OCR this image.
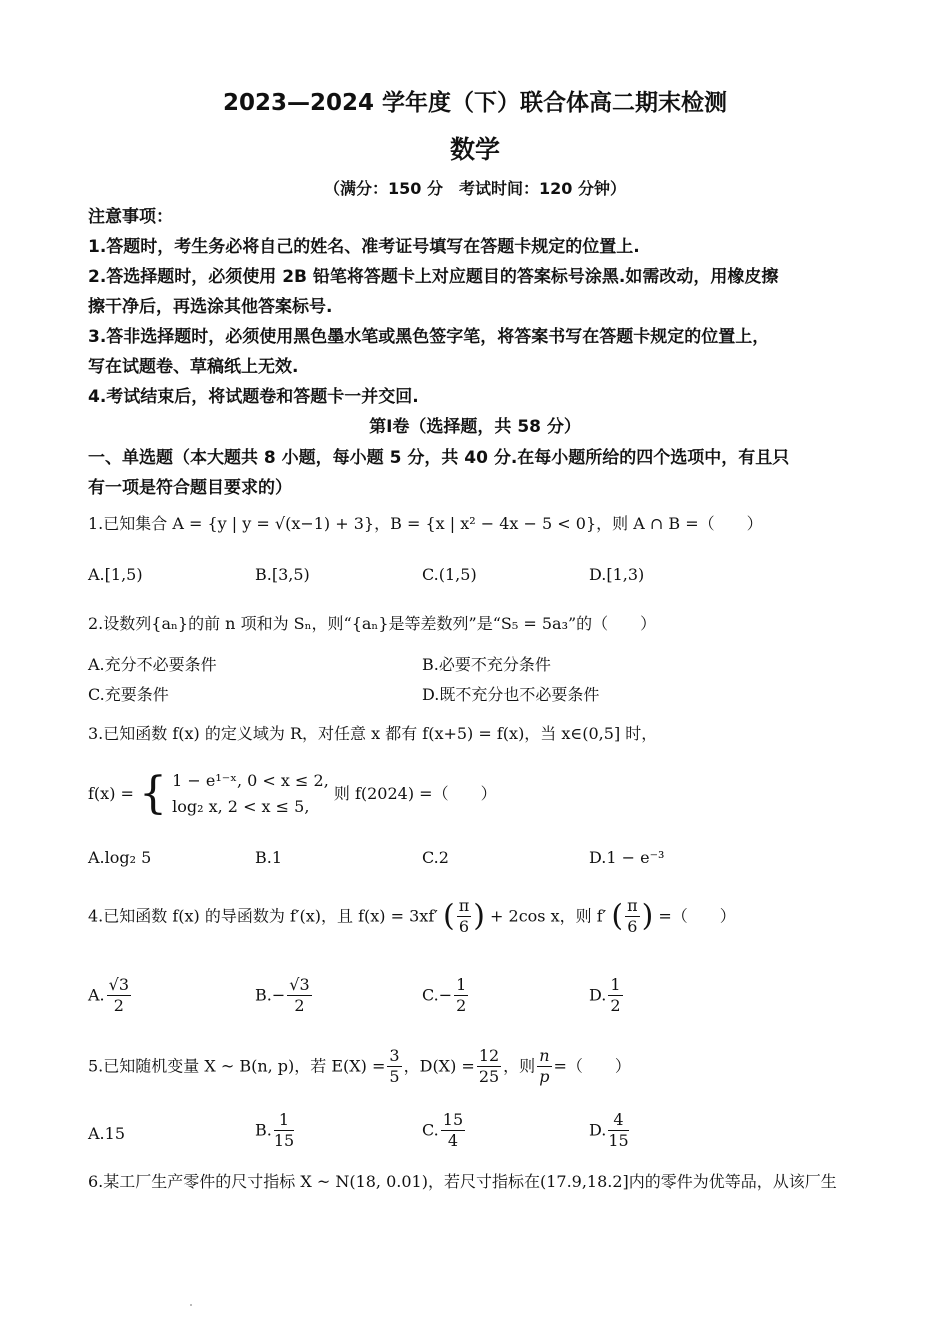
2023—2024 学年度（下）联合体高二期末检测
数学
（满分：150 分　考试时间：120 分钟）
注意事项：
1.答题时，考生务必将自己的姓名、准考证号填写在答题卡规定的位置上.
2.答选择题时，必须使用 2B 铅笔将答题卡上对应题目的答案标号涂黑.如需改动，用橡皮擦
擦干净后，再选涂其他答案标号.
3.答非选择题时，必须使用黑色墨水笔或黑色签字笔，将答案书写在答题卡规定的位置上，
写在试题卷、草稿纸上无效.
4.考试结束后，将试题卷和答题卡一并交回.
第Ⅰ卷（选择题，共 58 分）
一、单选题（本大题共 8 小题，每小题 5 分，共 40 分.在每小题所给的四个选项中，有且只
有一项是符合题目要求的）
1.已知集合 A = {y | y = √(x−1) + 3}，B = {x | x² − 4x − 5 < 0}，则 A ∩ B =（　　）
A.[1,5)	B.[3,5)	C.(1,5)	D.[1,3)
2.设数列{aₙ}的前 n 项和为 Sₙ，则“{aₙ}是等差数列”是“S₅ = 5a₃”的（　　）
A.充分不必要条件	B.必要不充分条件
C.充要条件	D.既不充分也不必要条件
3.已知函数 f(x) 的定义域为 R，对任意 x 都有 f(x+5) = f(x)，当 x∈(0,5] 时，
f(x) = { 1 − e¹⁻ˣ, 0 < x ≤ 2,
log₂ x, 2 < x ≤ 5,
则 f(2024) =（　　）
A.log₂ 5	B.1	C.2	D.1 − e⁻³
4.已知函数 f(x) 的导函数为 f′(x)，且 f(x) = 3xf′ ( $\frac{\pi}{6}$ ) + 2cos x，则 f′ ( $\frac{\pi}{6}$ ) =（　　）
A. $\frac{√3}{2}$	$B.- \frac{√3}{2}$	$C.- \frac{1}{2}$	D. $\frac{1}{2}$
5.已知随机变量 X ~ B(n, p)，若 $E(X) = \frac{3}{5}$ ，$D(X) = \frac{12}{25}$ ，则 $\frac{n}{p}$ =（　　）
A.15	B. $\frac{1}{15}$	C. $\frac{15}{4}$	D. $\frac{4}{15}$
6.某工厂生产零件的尺寸指标 X ~ N(18, 0.01)，若尺寸指标在(17.9,18.2]内的零件为优等品，从该厂生
